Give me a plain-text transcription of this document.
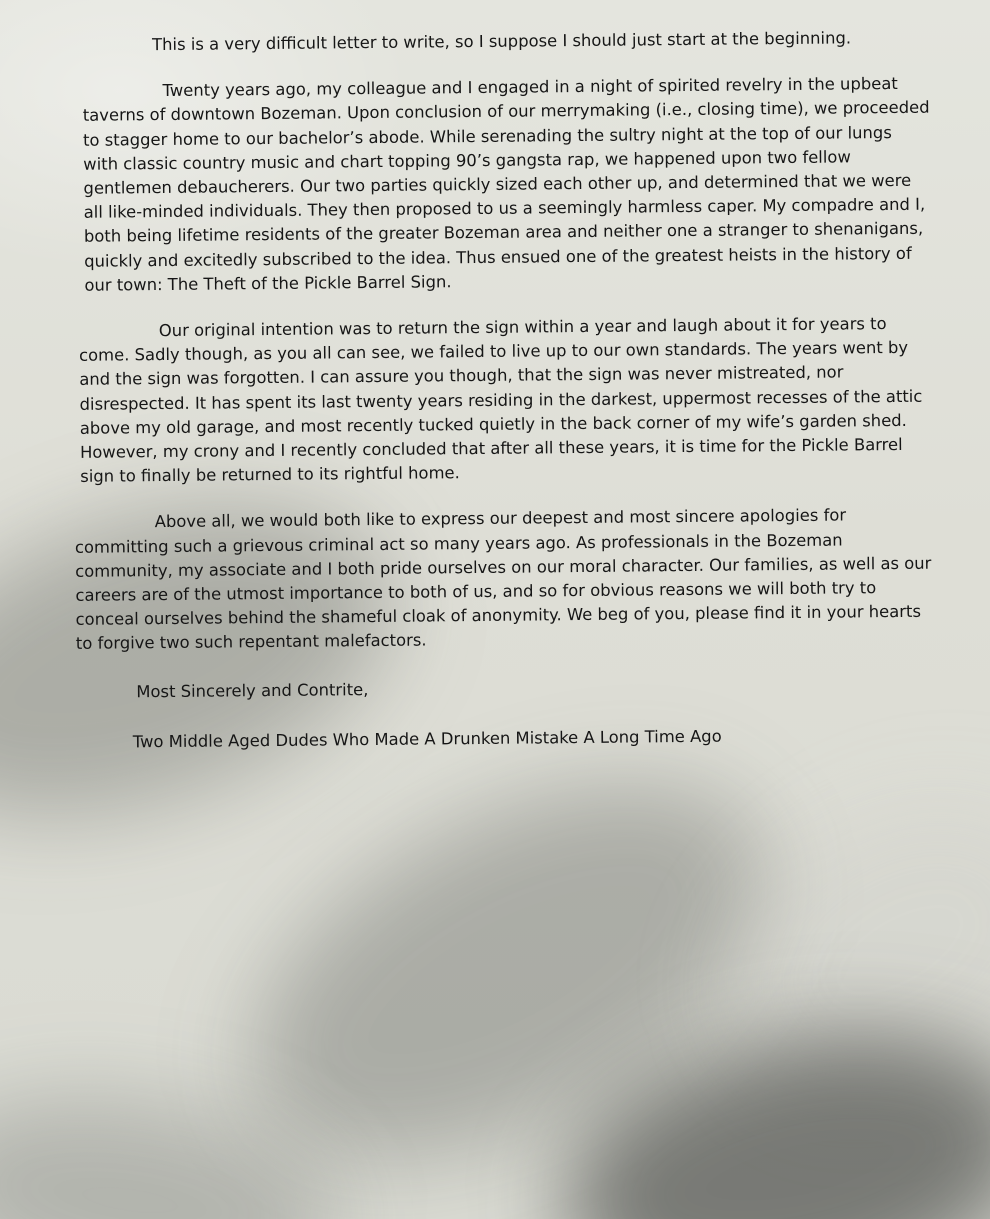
This is a very difficult letter to write, so I suppose I should just start at the beginning.

Twenty years ago, my colleague and I engaged in a night of spirited revelry in the upbeat taverns of downtown Bozeman. Upon conclusion of our merrymaking (i.e., closing time), we proceeded to stagger home to our bachelor’s abode. While serenading the sultry night at the top of our lungs with classic country music and chart topping 90’s gangsta rap, we happened upon two fellow gentlemen debaucherers. Our two parties quickly sized each other up, and determined that we were all like-minded individuals. They then proposed to us a seemingly harmless caper. My compadre and I, both being lifetime residents of the greater Bozeman area and neither one a stranger to shenanigans, quickly and excitedly subscribed to the idea. Thus ensued one of the greatest heists in the history of our town: The Theft of the Pickle Barrel Sign.

Our original intention was to return the sign within a year and laugh about it for years to come. Sadly though, as you all can see, we failed to live up to our own standards. The years went by and the sign was forgotten. I can assure you though, that the sign was never mistreated, nor disrespected. It has spent its last twenty years residing in the darkest, uppermost recesses of the attic above my old garage, and most recently tucked quietly in the back corner of my wife’s garden shed. However, my crony and I recently concluded that after all these years, it is time for the Pickle Barrel sign to finally be returned to its rightful home.

Above all, we would both like to express our deepest and most sincere apologies for committing such a grievous criminal act so many years ago. As professionals in the Bozeman community, my associate and I both pride ourselves on our moral character. Our families, as well as our careers are of the utmost importance to both of us, and so for obvious reasons we will both try to conceal ourselves behind the shameful cloak of anonymity. We beg of you, please find it in your hearts to forgive two such repentant malefactors.

Most Sincerely and Contrite,

Two Middle Aged Dudes Who Made A Drunken Mistake A Long Time Ago
